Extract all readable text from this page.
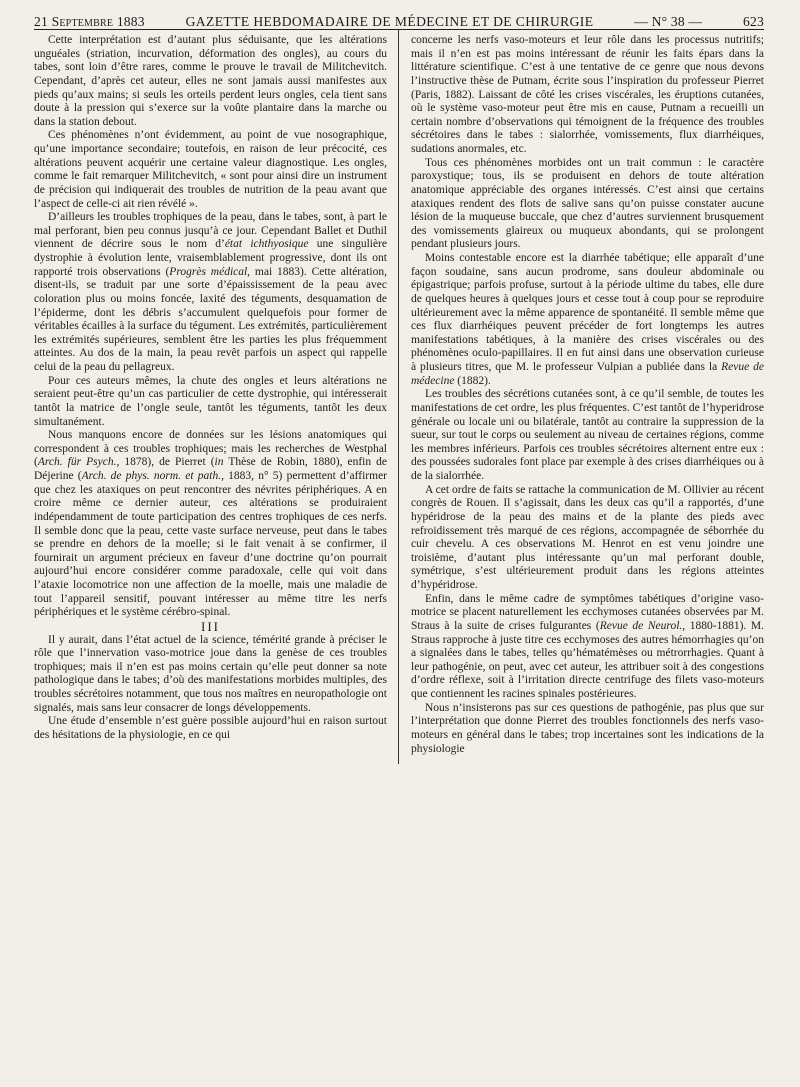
21 Septembre 1883	GAZETTE HEBDOMADAIRE DE MÉDECINE ET DE CHIRURGIE	— N° 38 —	623

Cette interprétation est d’autant plus séduisante, que les altérations unguéales (striation, incurvation, déformation des ongles), au cours du tabes, sont loin d’être rares, comme le prouve le travail de Militchevitch. Cependant, d’après cet auteur, elles ne sont jamais aussi manifestes aux pieds qu’aux mains; si seuls les orteils perdent leurs ongles, cela tient sans doute à la pression qui s’exerce sur la voûte plantaire dans la marche ou dans la station debout.

Ces phénomènes n’ont évidemment, au point de vue nosographique, qu’une importance secondaire; toutefois, en raison de leur précocité, ces altérations peuvent acquérir une certaine valeur diagnostique. Les ongles, comme le fait remarquer Militchevitch, « sont pour ainsi dire un instrument de précision qui indiquerait des troubles de nutrition de la peau avant que l’aspect de celle-ci ait rien révélé ».

D’ailleurs les troubles trophiques de la peau, dans le tabes, sont, à part le mal perforant, bien peu connus jusqu’à ce jour. Cependant Ballet et Duthil viennent de décrire sous le nom d’état ichthyosique une singulière dystrophie à évolution lente, vraisemblablement progressive, dont ils ont rapporté trois observations (Progrès médical, mai 1883). Cette altération, disent-ils, se traduit par une sorte d’épaississement de la peau avec coloration plus ou moins foncée, laxité des téguments, desquamation de l’épiderme, dont les débris s’accumulent quelquefois pour former de véritables écailles à la surface du tégument. Les extrémités, particulièrement les extrémités supérieures, semblent être les parties les plus fréquemment atteintes. Au dos de la main, la peau revêt parfois un aspect qui rappelle celui de la peau du pellagreux.

Pour ces auteurs mêmes, la chute des ongles et leurs altérations ne seraient peut-être qu’un cas particulier de cette dystrophie, qui intéresserait tantôt la matrice de l’ongle seule, tantôt les téguments, tantôt les deux simultanément.

Nous manquons encore de données sur les lésions anatomiques qui correspondent à ces troubles trophiques; mais les recherches de Westphal (Arch. für Psych., 1878), de Pierret (in Thèse de Robin, 1880), enfin de Déjerine (Arch. de phys. norm. et path., 1883, n° 5) permettent d’affirmer que chez les ataxiques on peut rencontrer des névrites périphériques. A en croire même ce dernier auteur, ces altérations se produiraient indépendamment de toute participation des centres trophiques de ces nerfs. Il semble donc que la peau, cette vaste surface nerveuse, peut dans le tabes se prendre en dehors de la moelle; si le fait venait à se confirmer, il fournirait un argument précieux en faveur d’une doctrine qu’on pourrait aujourd’hui encore considérer comme paradoxale, celle qui voit dans l’ataxie locomotrice non une affection de la moelle, mais une maladie de tout l’appareil sensitif, pouvant intéresser au même titre les nerfs périphériques et le système cérébro-spinal.

III

Il y aurait, dans l’état actuel de la science, témérité grande à préciser le rôle que l’innervation vaso-motrice joue dans la genèse de ces troubles trophiques; mais il n’en est pas moins certain qu’elle peut donner sa note pathologique dans le tabes; d’où des manifestations morbides multiples, des troubles sécrétoires notamment, que tous nos maîtres en neuropathologie ont signalés, mais sans leur consacrer de longs développements.

Une étude d’ensemble n’est guère possible aujourd’hui en raison surtout des hésitations de la physiologie, en ce qui

concerne les nerfs vaso-moteurs et leur rôle dans les processus nutritifs; mais il n’en est pas moins intéressant de réunir les faits épars dans la littérature scientifique. C’est à une tentative de ce genre que nous devons l’instructive thèse de Putnam, écrite sous l’inspiration du professeur Pierret (Paris, 1882). Laissant de côté les crises viscérales, les éruptions cutanées, où le système vaso-moteur peut être mis en cause, Putnam a recueilli un certain nombre d’observations qui témoignent de la fréquence des troubles sécrétoires dans le tabes : sialorrhée, vomissements, flux diarrhéiques, sudations anormales, etc.

Tous ces phénomènes morbides ont un trait commun : le caractère paroxystique; tous, ils se produisent en dehors de toute altération anatomique appréciable des organes intéressés. C’est ainsi que certains ataxiques rendent des flots de salive sans qu’on puisse constater aucune lésion de la muqueuse buccale, que chez d’autres surviennent brusquement des vomissements glaireux ou muqueux abondants, qui se prolongent pendant plusieurs jours.

Moins contestable encore est la diarrhée tabétique; elle apparaît d’une façon soudaine, sans aucun prodrome, sans douleur abdominale ou épigastrique; parfois profuse, surtout à la période ultime du tabes, elle dure de quelques heures à quelques jours et cesse tout à coup pour se reproduire ultérieurement avec la même apparence de spontanéité. Il semble même que ces flux diarrhéiques peuvent précéder de fort longtemps les autres manifestations tabétiques, à la manière des crises viscérales ou des phénomènes oculo-papillaires. Il en fut ainsi dans une observation curieuse à plusieurs titres, que M. le professeur Vulpian a publiée dans la Revue de médecine (1882).

Les troubles des sécrétions cutanées sont, à ce qu’il semble, de toutes les manifestations de cet ordre, les plus fréquentes. C’est tantôt de l’hyperidrose générale ou locale uni ou bilatérale, tantôt au contraire la suppression de la sueur, sur tout le corps ou seulement au niveau de certaines régions, comme les membres inférieurs. Parfois ces troubles sécrétoires alternent entre eux : des poussées sudorales font place par exemple à des crises diarrhéiques ou à de la sialorrhée.

A cet ordre de faits se rattache la communication de M. Ollivier au récent congrès de Rouen. Il s’agissait, dans les deux cas qu’il a rapportés, d’une hypéridrose de la peau des mains et de la plante des pieds avec refroidissement très marqué de ces régions, accompagnée de séborrhée du cuir chevelu. A ces observations M. Henrot en est venu joindre une troisième, d’autant plus intéressante qu’un mal perforant double, symétrique, s’est ultérieurement produit dans les régions atteintes d’hypéridrose.

Enfin, dans le même cadre de symptômes tabétiques d’origine vaso-motrice se placent naturellement les ecchymoses cutanées observées par M. Straus à la suite de crises fulgurantes (Revue de Neurol., 1880-1881). M. Straus rapproche à juste titre ces ecchymoses des autres hémorrhagies qu’on a signalées dans le tabes, telles qu’hématémèses ou métrorrhagies. Quant à leur pathogénie, on peut, avec cet auteur, les attribuer soit à des congestions d’ordre réflexe, soit à l’irritation directe centrifuge des filets vaso-moteurs que contiennent les racines spinales postérieures.

Nous n’insisterons pas sur ces questions de pathogénie, pas plus que sur l’interprétation que donne Pierret des troubles fonctionnels des nerfs vaso-moteurs en général dans le tabes; trop incertaines sont les indications de la physiologie
